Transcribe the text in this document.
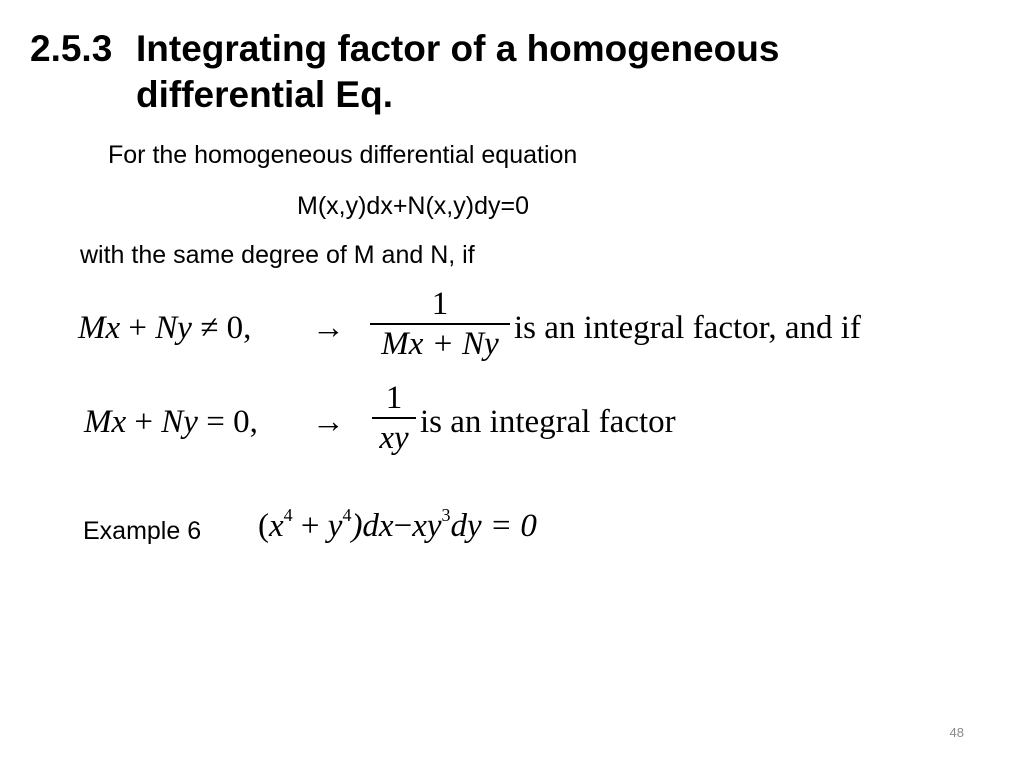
2.5.3 Integrating factor of a homogeneous
differential Eq.

For the homogeneous differential equation

M(x,y)dx+N(x,y)dy=0

with the same degree of M and N, if

Mx + Ny ≠ 0, →
1
Mx + Ny is an integral factor, and if
Mx + Ny = 0, →
1
xy is an integral factor
Example 6 $(x^4 + y^4)dx-xy^3dy = 0$
48
